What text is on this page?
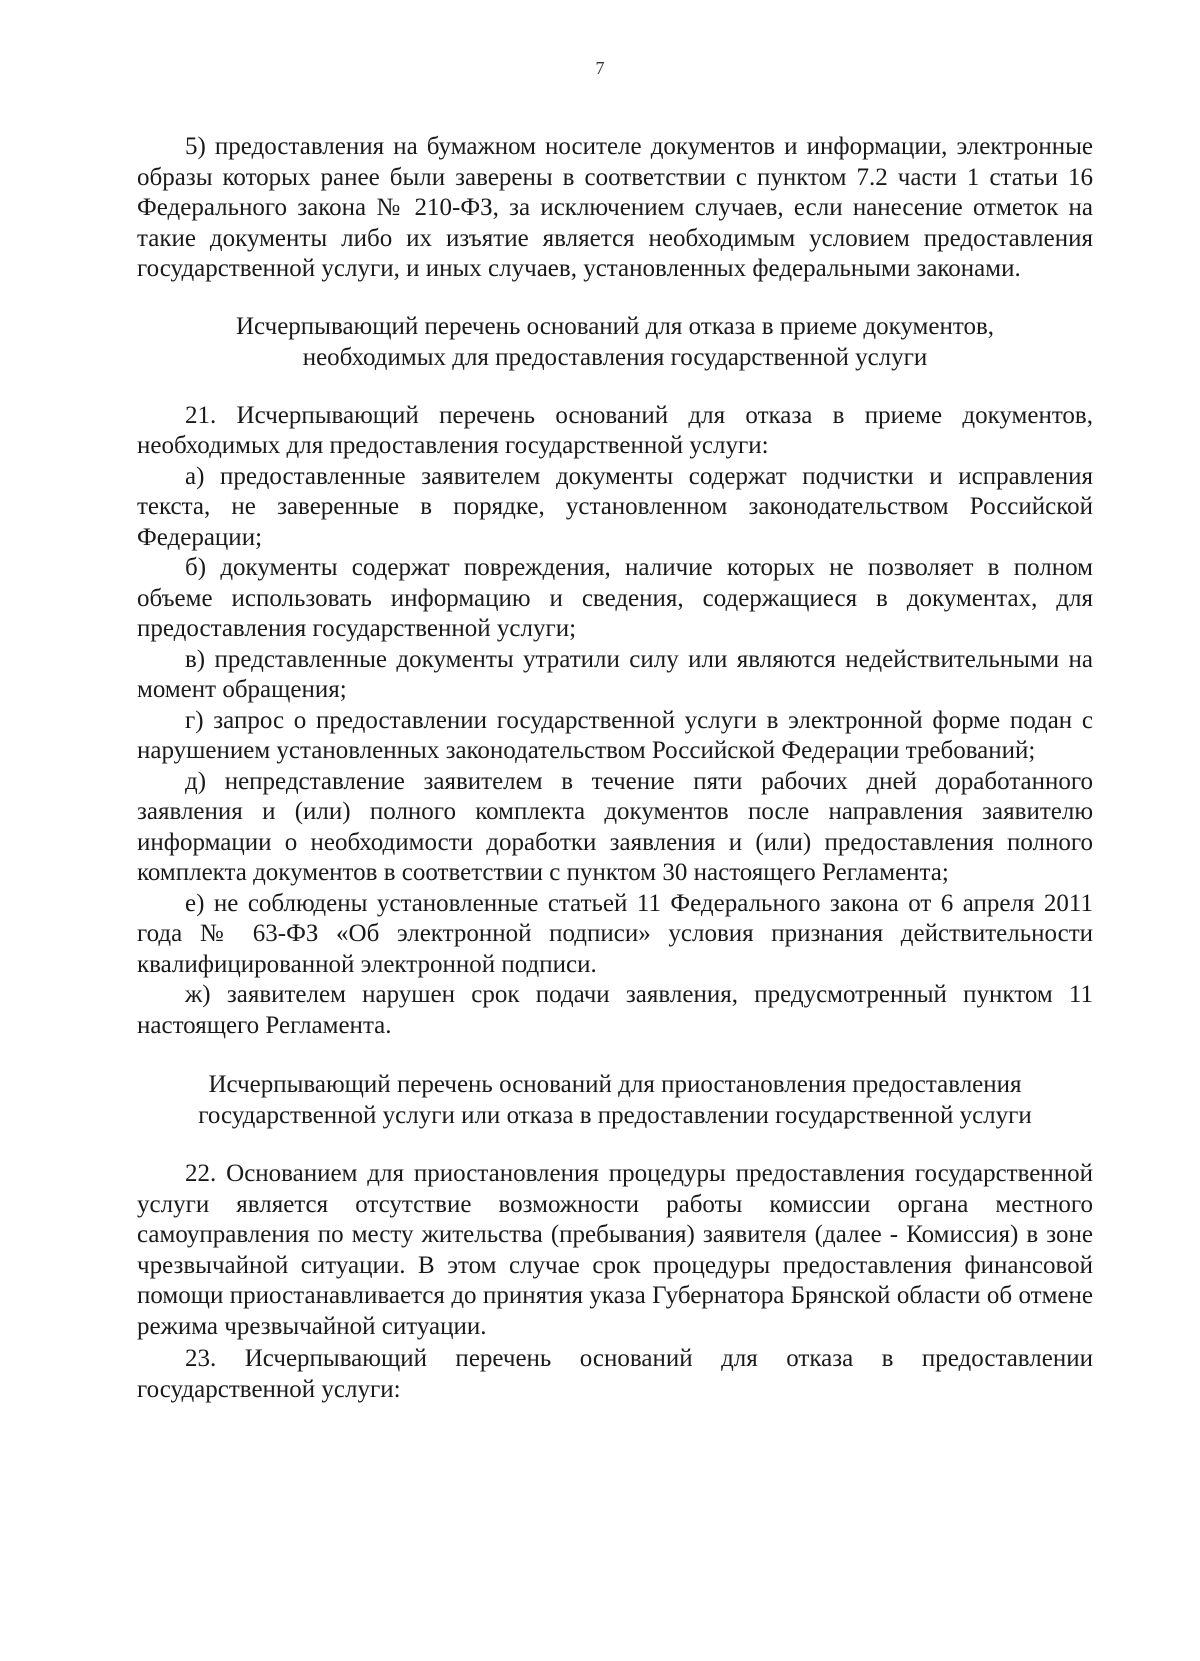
7

5) предоставления на бумажном носителе документов и информации, электронные образы которых ранее были заверены в соответствии с пунктом 7.2 части 1 статьи 16 Федерального закона № 210-ФЗ, за исключением случаев, если нанесение отметок на такие документы либо их изъятие является необходимым условием предоставления государственной услуги, и иных случаев, установленных федеральными законами.

Исчерпывающий перечень оснований для отказа в приеме документов,

необходимых для предоставления государственной услуги

21. Исчерпывающий перечень оснований для отказа в приеме документов, необходимых для предоставления государственной услуги:

а) предоставленные заявителем документы содержат подчистки и исправления текста, не заверенные в порядке, установленном законодательством Российской Федерации;

б) документы содержат повреждения, наличие которых не позволяет в полном объеме использовать информацию и сведения, содержащиеся в документах, для предоставления государственной услуги;

в) представленные документы утратили силу или являются недействительными на момент обращения;

г) запрос о предоставлении государственной услуги в электронной форме подан с нарушением установленных законодательством Российской Федерации требований;

д) непредставление заявителем в течение пяти рабочих дней доработанного заявления и (или) полного комплекта документов после направления заявителю информации о необходимости доработки заявления и (или) предоставления полного комплекта документов в соответствии с пунктом 30 настоящего Регламента;

е) не соблюдены установленные статьей 11 Федерального закона от 6 апреля 2011 года № 63-ФЗ «Об электронной подписи» условия признания действительности квалифицированной электронной подписи.

ж) заявителем нарушен срок подачи заявления, предусмотренный пунктом 11 настоящего Регламента.

Исчерпывающий перечень оснований для приостановления предоставления

государственной услуги или отказа в предоставлении государственной услуги

22. Основанием для приостановления процедуры предоставления государственной услуги является отсутствие возможности работы комиссии органа местного самоуправления по месту жительства (пребывания) заявителя (далее - Комиссия) в зоне чрезвычайной ситуации. В этом случае срок процедуры предоставления финансовой помощи приостанавливается до принятия указа Губернатора Брянской области об отмене режима чрезвычайной ситуации.

23. Исчерпывающий перечень оснований для отказа в предоставлении государственной услуги:
